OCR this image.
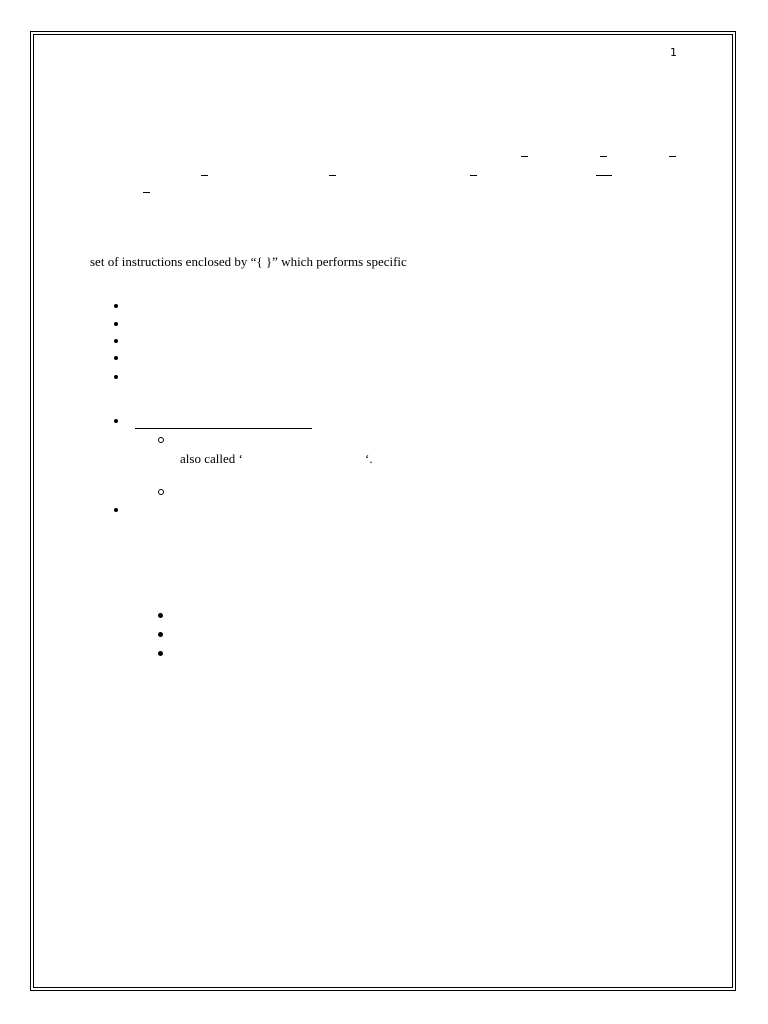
1
set of instructions enclosed by “{ }” which performs specific
also called ‘	‘.
